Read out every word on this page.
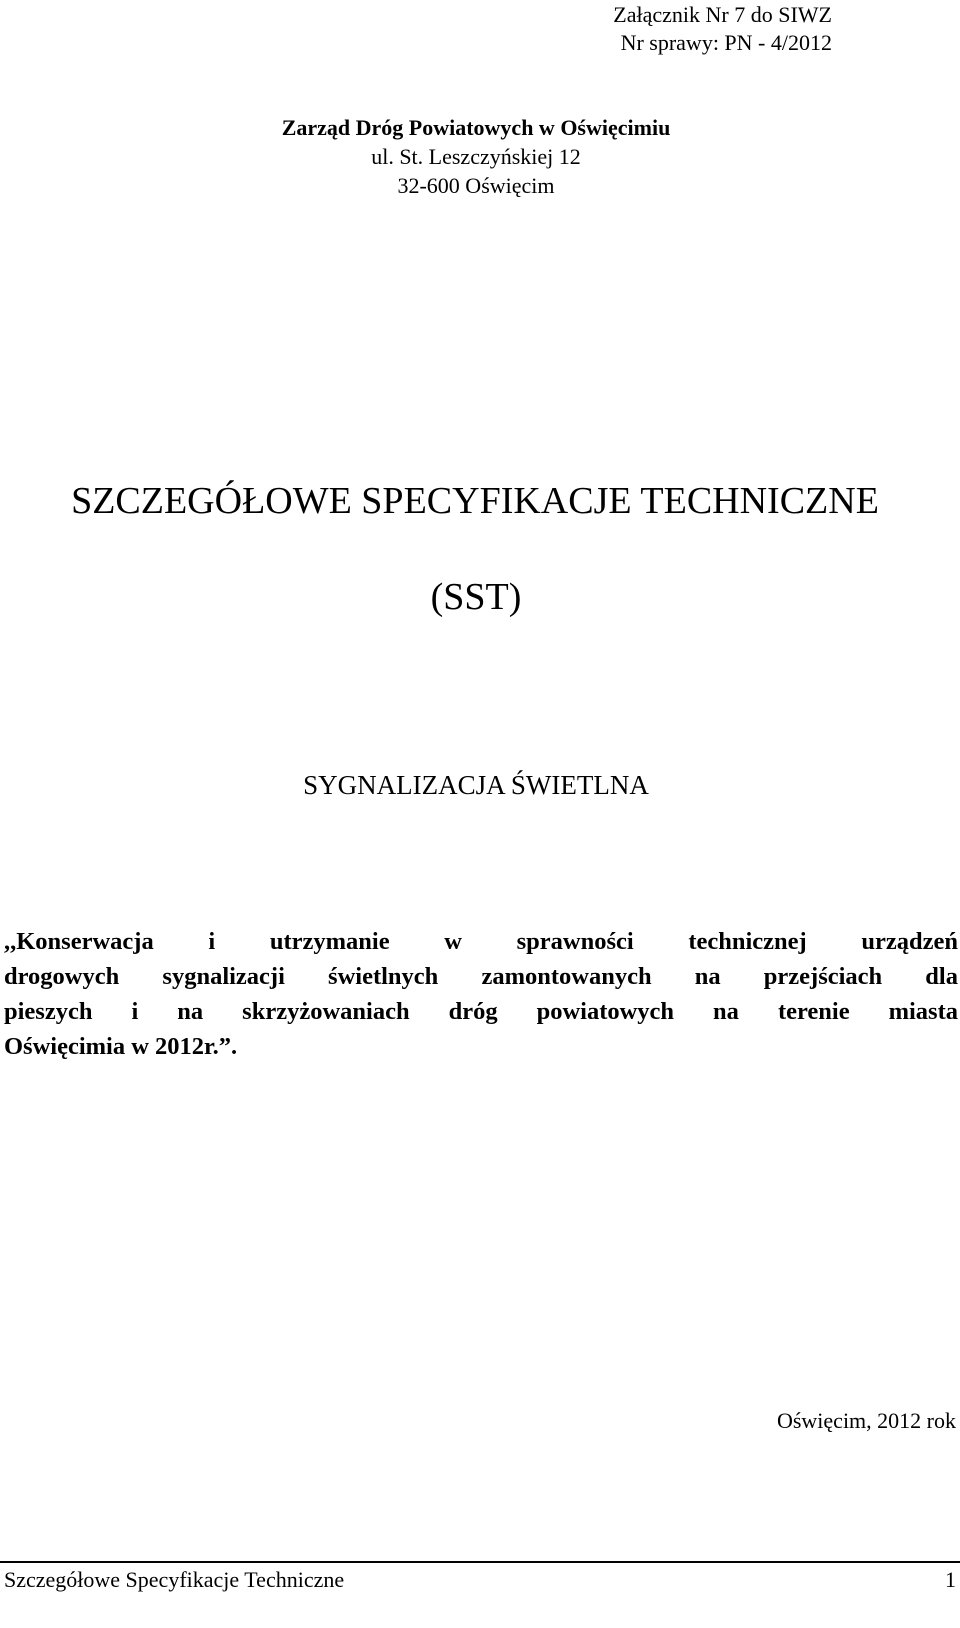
Załącznik Nr 7 do SIWZ

Nr sprawy: PN - 4/2012

Zarząd Dróg Powiatowych w Oświęcimiu

ul. St. Leszczyńskiej 12

32-600 Oświęcim

SZCZEGÓŁOWE SPECYFIKACJE TECHNICZNE
(SST)
SYGNALIZACJA ŚWIETLNA
,,Konserwacja i utrzymanie w sprawności technicznej urządzeń
drogowych sygnalizacji świetlnych zamontowanych na przejściach dla
pieszych i na skrzyżowaniach dróg powiatowych na terenie miasta
Oświęcimia w 2012r.”.

Oświęcim, 2012 rok

Szczegółowe Specyfikacje Techniczne	1
